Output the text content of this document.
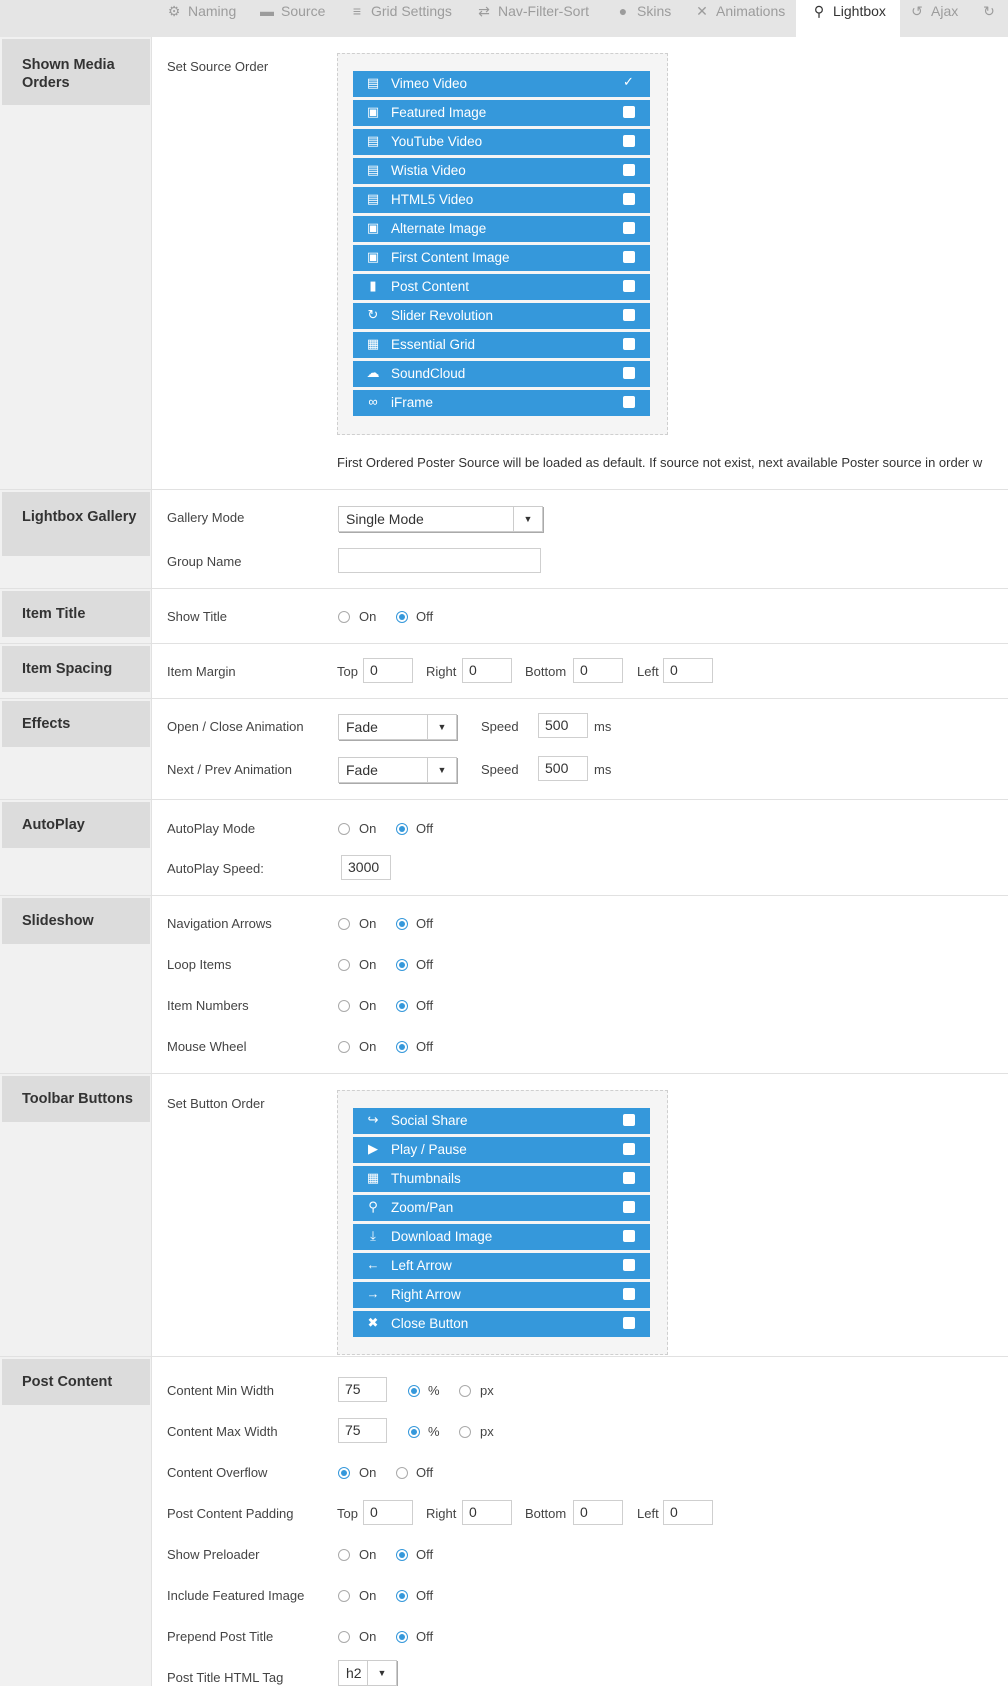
⚙ Naming ▬ Source	≡ Grid Settings ⇄ Nav-Filter-Sort	● Skins ✕ Animations	⚲ Lightbox	↺ Ajax ↻
Shown Media Orders
Set Source Order
▤ Vimeo Video
✓
▣ Featured Image
▤ YouTube Video
▤ Wistia Video
▤ HTML5 Video
▣ Alternate Image
▣ First Content Image
▮	Post Content
↻ Slider Revolution
▦ Essential Grid
☁ SoundCloud
∞ iFrame
First Ordered Poster Source will be loaded as default. If source not exist, next available Poster source in order w
Lightbox Gallery	Gallery Mode	Single Mode	▼
Group Name
Item Title	Show Title	On	Off
Item Spacing	Item Margin	Top 0	Right 0	Bottom 0	Left 0
Effects	Open / Close Animation	Fade	▼	Speed	500	ms
Next / Prev Animation	Fade	▼	Speed	500	ms
AutoPlay	AutoPlay Mode	On	Off
AutoPlay Speed:	3000
Slideshow	Navigation Arrows	On	Off
Loop Items	On	Off
Item Numbers	On	Off
Mouse Wheel	On	Off
Toolbar Buttons	Set Button Order
↪ Social Share
▶ Play / Pause
▦ Thumbnails
⚲ Zoom/Pan
⤓	Download Image
← Left Arrow
→ Right Arrow
✖ Close Button
Post Content
Content Min Width	75	%	px
Content Max Width	75	%	px
Content Overflow	On	Off
Post Content Padding	Top 0	Right 0	Bottom 0	Left 0
Show Preloader	On	Off
Include Featured Image	On	Off
Prepend Post Title	On	Off
Post Title HTML Tag	h2	▼
